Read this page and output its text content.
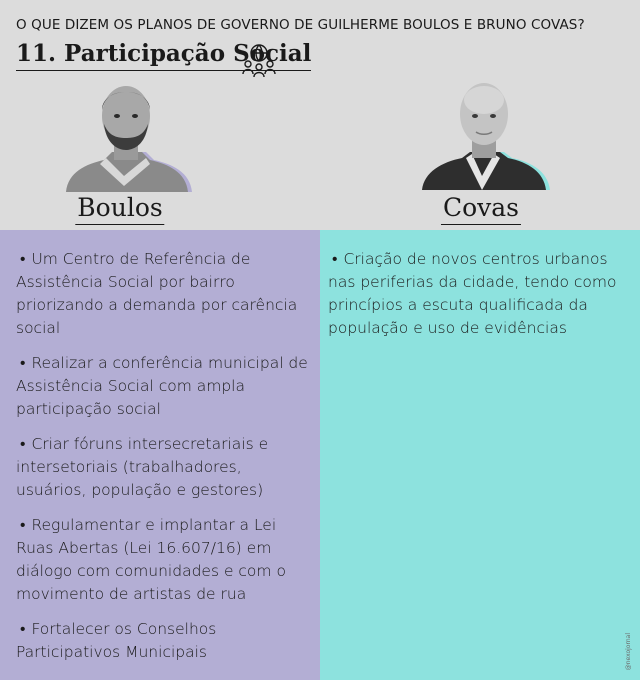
O QUE DIZEM OS PLANOS DE GOVERNO DE GUILHERME BOULOS E BRUNO COVAS?
11. Participação Social
Boulos	Covas

• Um Centro de Referência de Assistência Social por bairro priorizando a demanda por carência social

• Realizar a conferência municipal de Assistência Social com ampla participação social

• Criar fóruns intersecretariais e intersetoriais (trabalhadores, usuários, população e gestores)

• Regulamentar e implantar a Lei Ruas Abertas (Lei 16.607/16) em diálogo com comunidades e com o movimento de artistas de rua

• Fortalecer os Conselhos Participativos Municipais

• Criação de novos centros urbanos nas periferias da cidade, tendo como princípios a escuta qualificada da população e uso de evidências

@nexojornal
